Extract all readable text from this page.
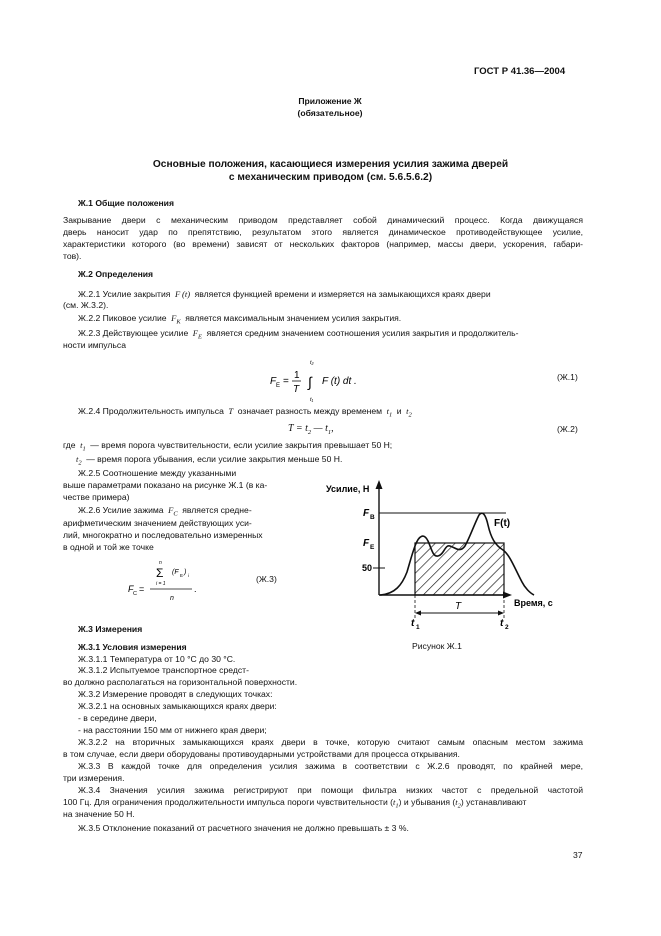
ГОСТ Р 41.36—2004
Приложение Ж
(обязательное)
Основные положения, касающиеся измерения усилия зажима дверей
с механическим приводом (см. 5.6.5.6.2)
Ж.1 Общие положения
Закрывание двери с механическим приводом представляет собой динамический процесс. Когда движущаяся
дверь наносит удар по препятствию, результатом этого является динамическое противодействующее усилие,
характеристики которого (во времени) зависят от нескольких факторов (например, массы двери, ускорения, габари-
тов).
Ж.2 Определения
Ж.2.1 Усилие закрытия  F (t)  является функцией времени и измеряется на замыкающихся краях двери
(см. Ж.3.2).
Ж.2.2 Пиковое усилие  $F_K$ является максимальным значением усилия закрытия.
Ж.2.3 Действующее усилие  $F_E$ является средним значением соотношения усилия закрытия и продолжитель-
ности импульса
F E =
1
T
t₂
∫
t₁
F (t) dt .	(Ж.1)
Ж.2.4 Продолжительность импульса  T  означает разность между временем  $t_1$ и  $t_2$
$T = t_2$ — $t_1$,	(Ж.2)
где  $t_1$ — время порога чувствительности, если усилие закрытия превышает 50 Н;
$t_2$ — время порога убывания, если усилие закрытия меньше 50 Н.
Ж.2.5 Соотношение между указанными
выше параметрами показано на рисунке Ж.1 (в ка-
честве примера)
Ж.2.6 Усилие зажима  $F_C$ является средне-
арифметическим значением действующих уси-
лий, многократно и последовательно измеренных
в одной и той же точке
F C =
n
Σ
i = 1
(F E ) i
n
.
(Ж.3)
Усилие, Н
Время, с
F B
F E
50
F(t)
T
t 1	t 2
Рисунок Ж.1
Ж.3 Измерения
Ж.3.1 Условия измерения
Ж.3.1.1 Температура от 10 °С до 30 °С.
Ж.3.1.2 Испытуемое транспортное средст-
во должно располагаться на горизонтальной поверхности.
Ж.3.2 Измерение проводят в следующих точках:
Ж.3.2.1 на основных замыкающихся краях двери:
- в середине двери,
- на расстоянии 150 мм от нижнего края двери;
Ж.3.2.2 на вторичных замыкающихся краях двери в точке, которую считают самым опасным местом зажима
в том случае, если двери оборудованы противоударными устройствами для процесса открывания.
Ж.3.3 В каждой точке для определения усилия зажима в соответствии с Ж.2.6 проводят, по крайней мере,
три измерения.
Ж.3.4 Значения усилия зажима регистрируют при помощи фильтра низких частот с предельной частотой
100 Гц. Для ограничения продолжительности импульса пороги чувствительности $(t_1)$ и убывания $(t_2)$ устанавливают
на значение 50 Н.
Ж.3.5 Отклонение показаний от расчетного значения не должно превышать ± 3 %.
37
